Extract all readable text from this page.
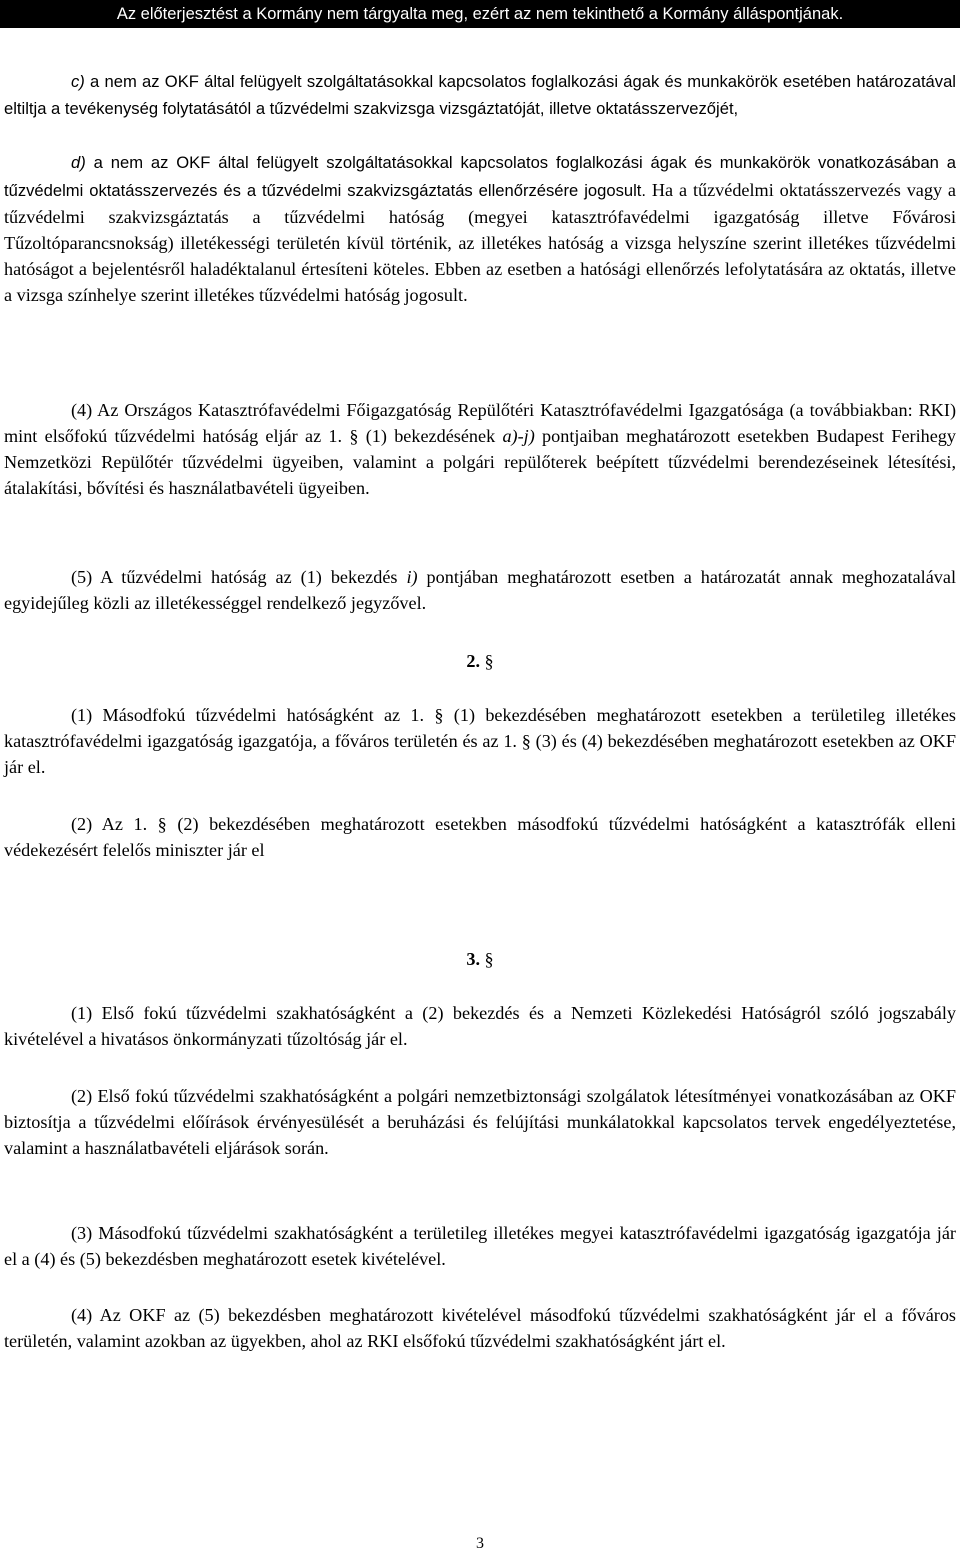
Az előterjesztést a Kormány nem tárgyalta meg, ezért az nem tekinthető a Kormány álláspontjának.

c) a nem az OKF által felügyelt szolgáltatásokkal kapcsolatos foglalkozási ágak és munkakörök esetében határozatával eltiltja a tevékenység folytatásától a tűzvédelmi szakvizsga vizsgáztatóját, illetve oktatásszervezőjét,

d) a nem az OKF által felügyelt szolgáltatásokkal kapcsolatos foglalkozási ágak és munkakörök vonatkozásában a tűzvédelmi oktatásszervezés és a tűzvédelmi szakvizsgáztatás ellenőrzésére jogosult. Ha a tűzvédelmi oktatásszervezés vagy a tűzvédelmi szakvizsgáztatás a tűzvédelmi hatóság (megyei katasztrófavédelmi igazgatóság illetve Fővárosi Tűzoltóparancsnokság) illetékességi területén kívül történik, az illetékes hatóság a vizsga helyszíne szerint illetékes tűzvédelmi hatóságot a bejelentésről haladéktalanul értesíteni köteles. Ebben az esetben a hatósági ellenőrzés lefolytatására az oktatás, illetve a vizsga színhelye szerint illetékes tűzvédelmi hatóság jogosult.

(4) Az Országos Katasztrófavédelmi Főigazgatóság Repülőtéri Katasztrófavédelmi Igazgatósága (a továbbiakban: RKI) mint elsőfokú tűzvédelmi hatóság eljár az 1. § (1) bekezdésének a)-j) pontjaiban meghatározott esetekben Budapest Ferihegy Nemzetközi Repülőtér tűzvédelmi ügyeiben, valamint a polgári repülőterek beépített tűzvédelmi berendezéseinek létesítési, átalakítási, bővítési és használatbavételi ügyeiben.

(5) A tűzvédelmi hatóság az (1) bekezdés i) pontjában meghatározott esetben a határozatát annak meghozatalával egyidejűleg közli az illetékességgel rendelkező jegyzővel.

2. §

(1) Másodfokú tűzvédelmi hatóságként az 1. § (1) bekezdésében meghatározott esetekben a területileg illetékes katasztrófavédelmi igazgatóság igazgatója, a főváros területén és az 1. § (3) és (4) bekezdésében meghatározott esetekben az OKF jár el.

(2) Az 1. § (2) bekezdésében meghatározott esetekben másodfokú tűzvédelmi hatóságként a katasztrófák elleni védekezésért felelős miniszter jár el

3. §

(1) Első fokú tűzvédelmi szakhatóságként a (2) bekezdés és a Nemzeti Közlekedési Hatóságról szóló jogszabály kivételével a hivatásos önkormányzati tűzoltóság jár el.

(2) Első fokú tűzvédelmi szakhatóságként a polgári nemzetbiztonsági szolgálatok létesítményei vonatkozásában az OKF biztosítja a tűzvédelmi előírások érvényesülését a beruházási és felújítási munkálatokkal kapcsolatos tervek engedélyeztetése, valamint a használatbavételi eljárások során.

(3) Másodfokú tűzvédelmi szakhatóságként a területileg illetékes megyei katasztrófavédelmi igazgatóság igazgatója jár el a (4) és (5) bekezdésben meghatározott esetek kivételével.

(4) Az OKF az (5) bekezdésben meghatározott kivételével másodfokú tűzvédelmi szakhatóságként jár el a főváros területén, valamint azokban az ügyekben, ahol az RKI elsőfokú tűzvédelmi szakhatóságként járt el.

3
